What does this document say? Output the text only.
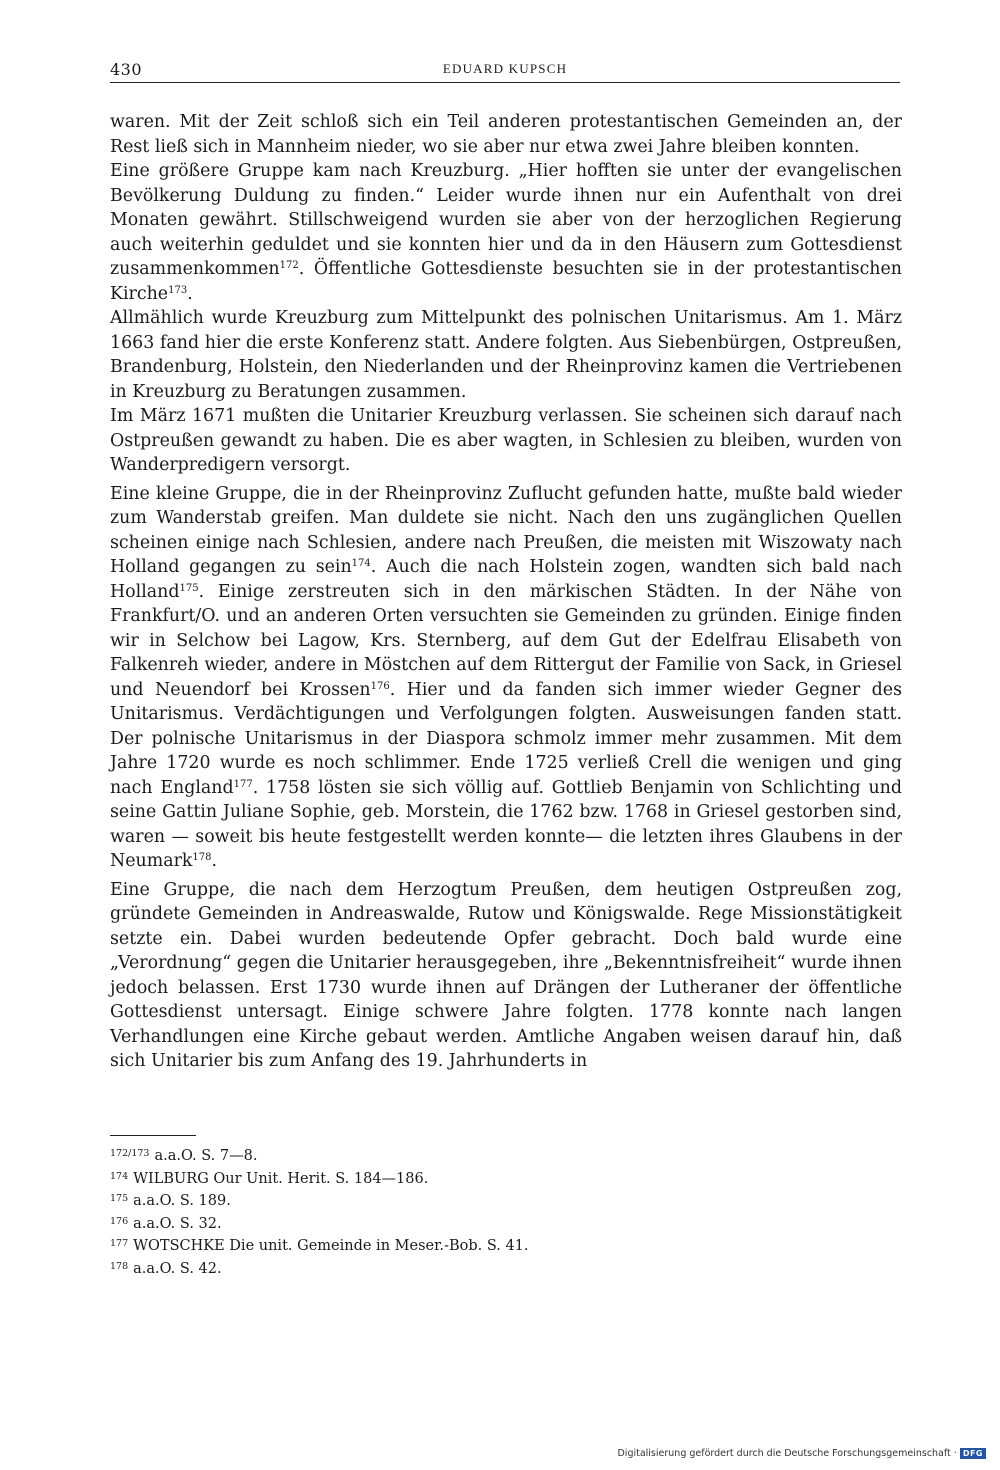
430	EDUARD KUPSCH

waren. Mit der Zeit schloß sich ein Teil anderen protestantischen Gemeinden an, der Rest ließ sich in Mannheim nieder, wo sie aber nur etwa zwei Jahre bleiben konnten.

Eine größere Gruppe kam nach Kreuzburg. „Hier hofften sie unter der evangelischen Bevölkerung Duldung zu finden.“ Leider wurde ihnen nur ein Aufenthalt von drei Monaten gewährt. Stillschweigend wurden sie aber von der herzoglichen Regierung auch weiterhin geduldet und sie konnten hier und da in den Häusern zum Gottesdienst zusammenkommen$^{172}$. Öffentliche Gottesdienste besuchten sie in der protestantischen Kirche$^{173}$.

Allmählich wurde Kreuzburg zum Mittelpunkt des polnischen Unitarismus. Am 1. März 1663 fand hier die erste Konferenz statt. Andere folgten. Aus Siebenbürgen, Ostpreußen, Brandenburg, Holstein, den Niederlanden und der Rheinprovinz kamen die Vertriebenen in Kreuzburg zu Beratungen zusammen.

Im März 1671 mußten die Unitarier Kreuzburg verlassen. Sie scheinen sich darauf nach Ostpreußen gewandt zu haben. Die es aber wagten, in Schlesien zu bleiben, wurden von Wanderpredigern versorgt.

Eine kleine Gruppe, die in der Rheinprovinz Zuflucht gefunden hatte, mußte bald wieder zum Wanderstab greifen. Man duldete sie nicht. Nach den uns zugänglichen Quellen scheinen einige nach Schlesien, andere nach Preußen, die meisten mit Wiszowaty nach Holland gegangen zu sein$^{174}$. Auch die nach Holstein zogen, wandten sich bald nach Holland$^{175}$. Einige zerstreuten sich in den märkischen Städten. In der Nähe von Frankfurt/O. und an anderen Orten versuchten sie Gemeinden zu gründen. Einige finden wir in Selchow bei Lagow, Krs. Sternberg, auf dem Gut der Edelfrau Elisabeth von Falkenreh wieder, andere in Möstchen auf dem Rittergut der Familie von Sack, in Griesel und Neuendorf bei Krossen$^{176}$. Hier und da fanden sich immer wieder Gegner des Unitarismus. Verdächtigungen und Verfolgungen folgten. Ausweisungen fanden statt. Der polnische Unitarismus in der Diaspora schmolz immer mehr zusammen. Mit dem Jahre 1720 wurde es noch schlimmer. Ende 1725 verließ Crell die wenigen und ging nach England$^{177}$. 1758 lösten sie sich völlig auf. Gottlieb Benjamin von Schlichting und seine Gattin Juliane Sophie, geb. Morstein, die 1762 bzw. 1768 in Griesel gestorben sind, waren — soweit bis heute festgestellt werden konnte— die letzten ihres Glaubens in der Neumark$^{178}$.

Eine Gruppe, die nach dem Herzogtum Preußen, dem heutigen Ostpreußen zog, gründete Gemeinden in Andreaswalde, Rutow und Königswalde. Rege Missionstätigkeit setzte ein. Dabei wurden bedeutende Opfer gebracht. Doch bald wurde eine „Verordnung“ gegen die Unitarier herausgegeben, ihre „Bekenntnisfreiheit“ wurde ihnen jedoch belassen. Erst 1730 wurde ihnen auf Drängen der Lutheraner der öffentliche Gottesdienst untersagt. Einige schwere Jahre folgten. 1778 konnte nach langen Verhandlungen eine Kirche gebaut werden. Amtliche Angaben weisen darauf hin, daß sich Unitarier bis zum Anfang des 19. Jahrhunderts in

$^{172/173}$ a.a.O. S. 7—8.
$^{174}$ WILBURG Our Unit. Herit. S. 184—186.
$^{175}$ a.a.O. S. 189.
$^{176}$ a.a.O. S. 32.
$^{177}$ WOTSCHKE Die unit. Gemeinde in Meser.-Bob. S. 41.
$^{178}$ a.a.O. S. 42.
Digitalisierung gefördert durch die Deutsche Forschungsgemeinschaft · DFG
